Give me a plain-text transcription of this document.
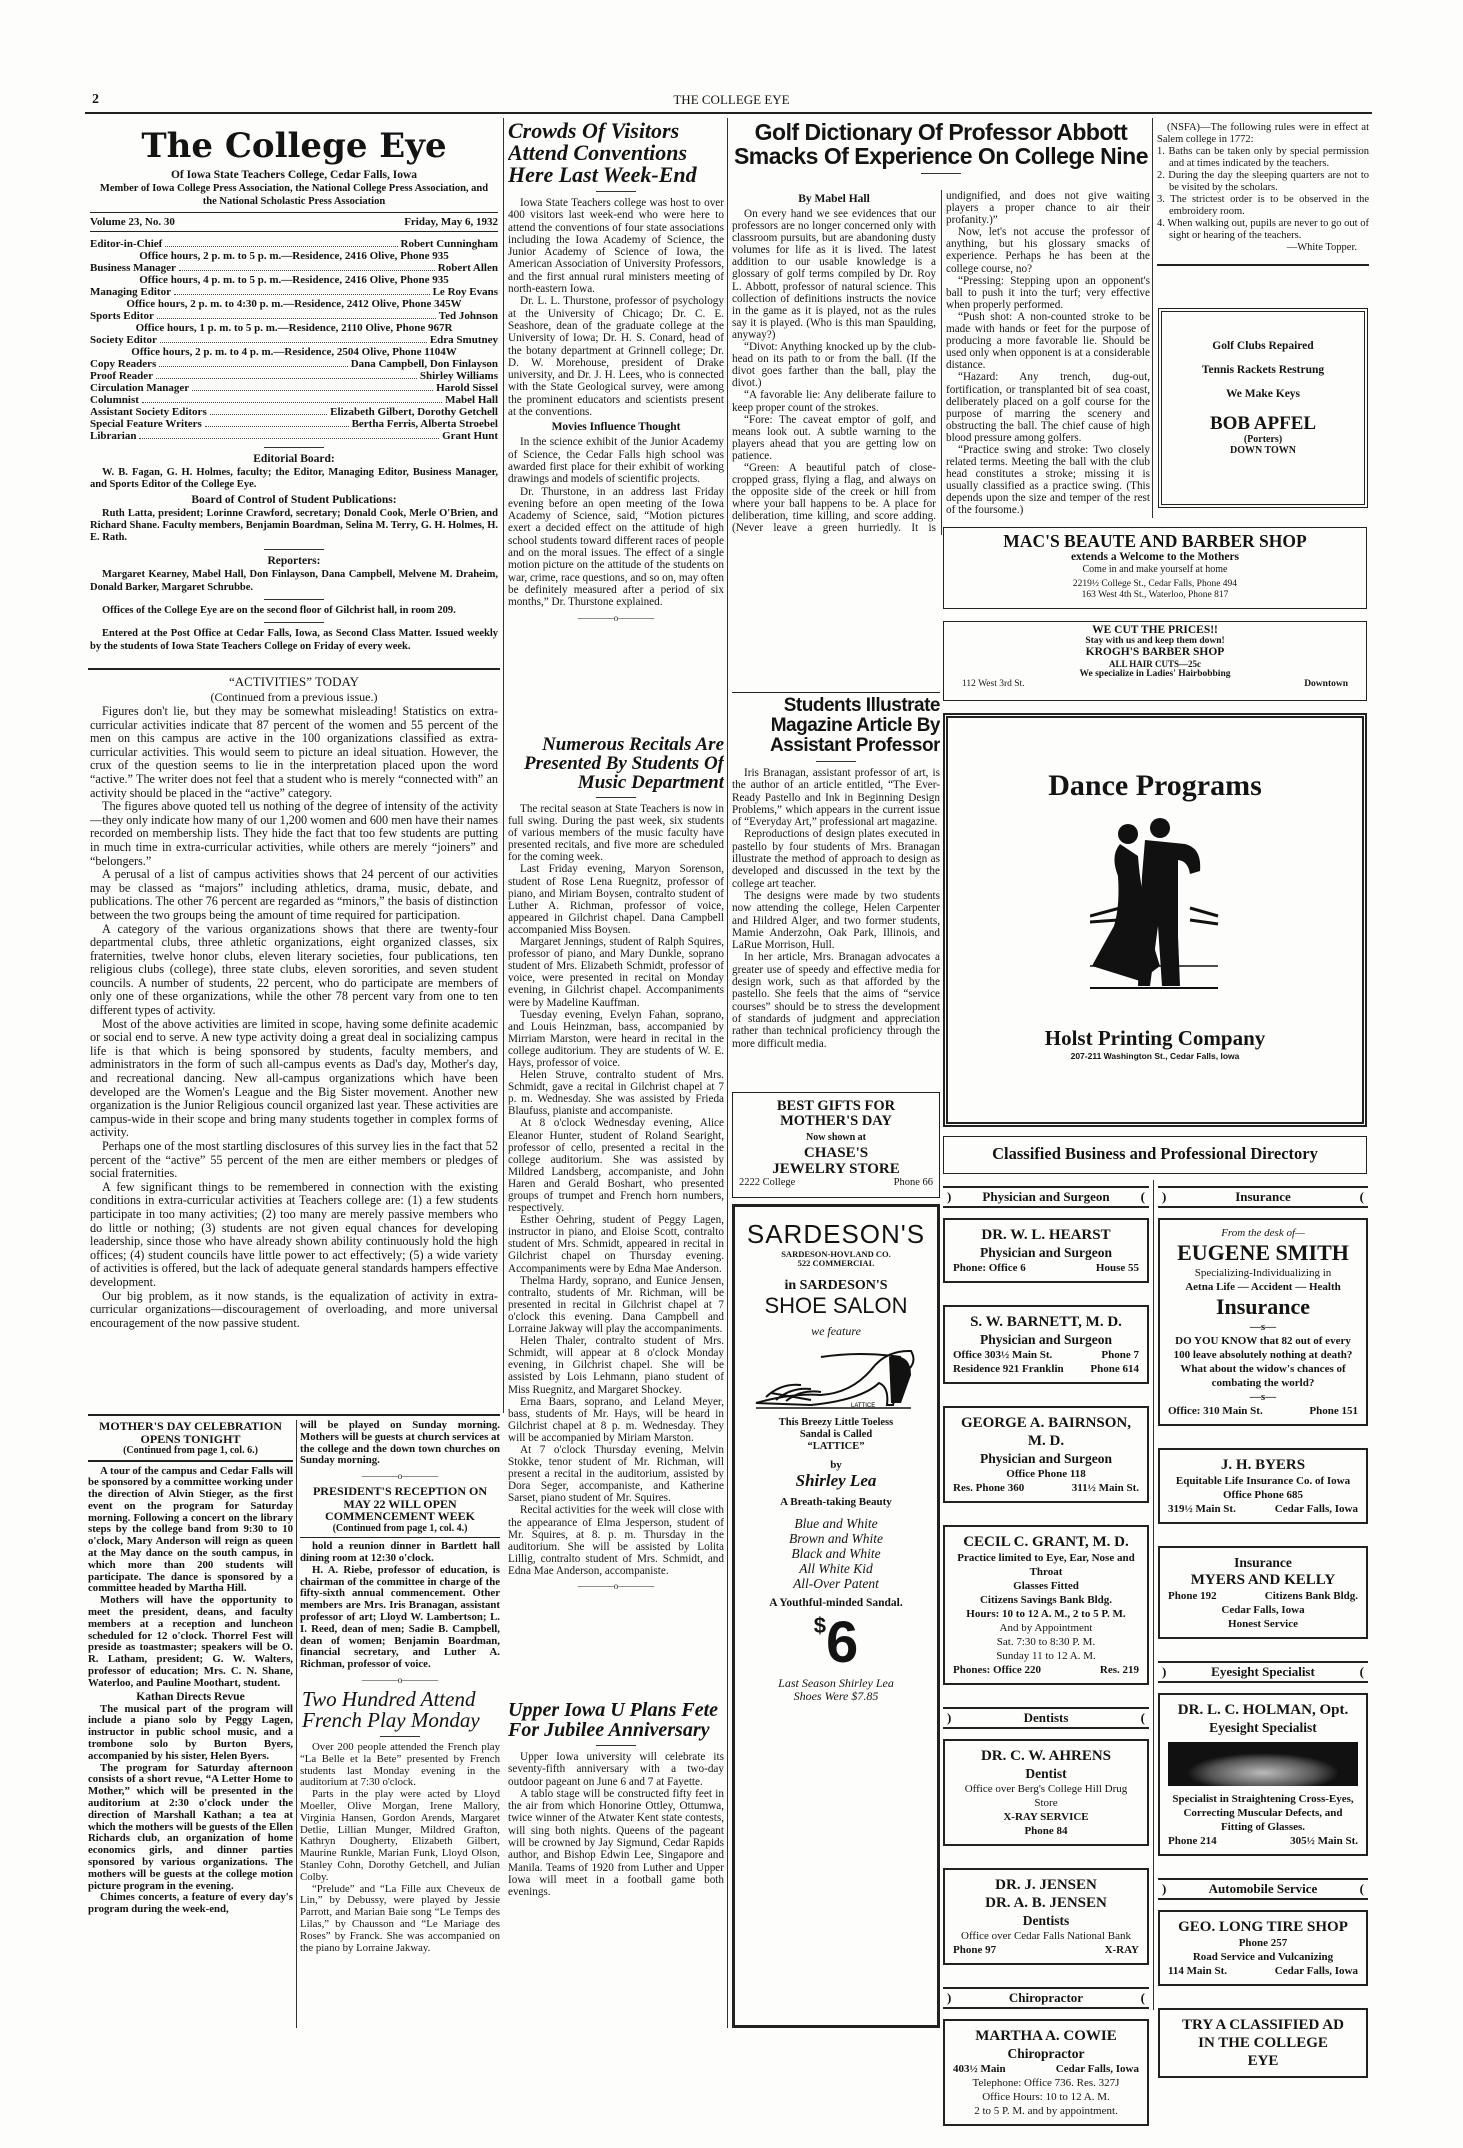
2	THE COLLEGE EYE
The College Eye
Of Iowa State Teachers College, Cedar Falls, Iowa
Member of Iowa College Press Association, the National College Press Association, and the National Scholastic Press Association
Volume 23, No. 30	Friday, May 6, 1932
Editor-in-Chief	Robert Cunningham
Office hours, 2 p. m. to 5 p. m.—Residence, 2416 Olive, Phone 935
Business Manager	Robert Allen
Office hours, 4 p. m. to 5 p. m.—Residence, 2416 Olive, Phone 935
Managing Editor	Le Roy Evans
Office hours, 2 p. m. to 4:30 p. m.—Residence, 2412 Olive, Phone 345W
Sports Editor	Ted Johnson
Office hours, 1 p. m. to 5 p. m.—Residence, 2110 Olive, Phone 967R
Society Editor	Edra Smutney
Office hours, 2 p. m. to 4 p. m.—Residence, 2504 Olive, Phone 1104W
Copy Readers	Dana Campbell, Don Finlayson
Proof Reader	Shirley Williams
Circulation Manager	Harold Sissel
Columnist	Mabel Hall
Assistant Society Editors	Elizabeth Gilbert, Dorothy Getchell
Special Feature Writers	Bertha Ferris, Alberta Stroebel
Librarian	Grant Hunt
Editorial Board:

W. B. Fagan, G. H. Holmes, faculty; the Editor, Managing Editor, Business Manager, and Sports Editor of the College Eye.

Board of Control of Student Publications:

Ruth Latta, president; Lorinne Crawford, secretary; Donald Cook, Merle O'Brien, and Richard Shane. Faculty members, Benjamin Boardman, Selina M. Terry, G. H. Holmes, H. E. Rath.

Reporters:

Margaret Kearney, Mabel Hall, Don Finlayson, Dana Campbell, Melvene M. Draheim, Donald Barker, Margaret Schrubbe.

Offices of the College Eye are on the second floor of Gilchrist hall, in room 209.

Entered at the Post Office at Cedar Falls, Iowa, as Second Class Matter. Issued weekly by the students of Iowa State Teachers College on Friday of every week.

“ACTIVITIES” TODAY
(Continued from a previous issue.)

Figures don't lie, but they may be somewhat misleading! Statistics on extra-curricular activities indicate that 87 percent of the women and 55 percent of the men on this campus are active in the 100 organizations classified as extra-curricular activities. This would seem to picture an ideal situation. However, the crux of the question seems to lie in the interpretation placed upon the word “active.” The writer does not feel that a student who is merely “connected with” an activity should be placed in the “active” category.

The figures above quoted tell us nothing of the degree of intensity of the activity—they only indicate how many of our 1,200 women and 600 men have their names recorded on membership lists. They hide the fact that too few students are putting in much time in extra-curricular activities, while others are merely “joiners” and “belongers.”

A perusal of a list of campus activities shows that 24 percent of our activities may be classed as “majors” including athletics, drama, music, debate, and publications. The other 76 percent are regarded as “minors,” the basis of distinction between the two groups being the amount of time required for participation.

A category of the various organizations shows that there are twenty-four departmental clubs, three athletic organizations, eight organized classes, six fraternities, twelve honor clubs, eleven literary societies, four publications, ten religious clubs (college), three state clubs, eleven sororities, and seven student councils. A number of students, 22 percent, who do participate are members of only one of these organizations, while the other 78 percent vary from one to ten different types of activity.

Most of the above activities are limited in scope, having some definite academic or social end to serve. A new type activity doing a great deal in socializing campus life is that which is being sponsored by students, faculty members, and administrators in the form of such all-campus events as Dad's day, Mother's day, and recreational dancing. New all-campus organizations which have been developed are the Women's League and the Big Sister movement. Another new organization is the Junior Religious council organized last year. These activities are campus-wide in their scope and bring many students together in complex forms of activity.

Perhaps one of the most startling disclosures of this survey lies in the fact that 52 percent of the “active” 55 percent of the men are either members or pledges of social fraternities.

A few significant things to be remembered in connection with the existing conditions in extra-curricular activities at Teachers college are: (1) a few students participate in too many activities; (2) too many are merely passive members who do little or nothing; (3) students are not given equal chances for developing leadership, since those who have already shown ability continuously hold the high offices; (4) student councils have little power to act effectively; (5) a wide variety of activities is offered, but the lack of adequate general standards hampers effective development.

Our big problem, as it now stands, is the equalization of activity in extra-curricular organizations—discouragement of overloading, and more universal encouragement of the now passive student.

MOTHER'S DAY CELEBRATION OPENS TONIGHT
(Continued from page 1, col. 6.)

A tour of the campus and Cedar Falls will be sponsored by a committee working under the direction of Alvin Stieger, as the first event on the program for Saturday morning. Following a concert on the library steps by the college band from 9:30 to 10 o'clock, Mary Anderson will reign as queen at the May dance on the south campus, in which more than 200 students will participate. The dance is sponsored by a committee headed by Martha Hill.

Mothers will have the opportunity to meet the president, deans, and faculty members at a reception and luncheon scheduled for 12 o'clock. Thorrel Fest will preside as toastmaster; speakers will be O. R. Latham, president; G. W. Walters, professor of education; Mrs. C. N. Shane, Waterloo, and Pauline Moothart, student.

Kathan Directs Revue

The musical part of the program will include a piano solo by Peggy Lagen, instructor in public school music, and a trombone solo by Burton Byers, accompanied by his sister, Helen Byers.

The program for Saturday afternoon consists of a short revue, “A Letter Home to Mother,” which will be presented in the auditorium at 2:30 o'clock under the direction of Marshall Kathan; a tea at which the mothers will be guests of the Ellen Richards club, an organization of home economics girls, and dinner parties sponsored by various organizations. The mothers will be guests at the college motion picture program in the evening.

Chimes concerts, a feature of every day's program during the week-end,

will be played on Sunday morning. Mothers will be guests at church services at the college and the down town churches on Sunday morning.

————o————
PRESIDENT'S RECEPTION ON MAY 22 WILL OPEN COMMENCEMENT WEEK
(Continued from page 1, col. 4.)

hold a reunion dinner in Bartlett hall dining room at 12:30 o'clock.

H. A. Riebe, professor of education, is chairman of the committee in charge of the fifty-sixth annual commencement. Other members are Mrs. Iris Branagan, assistant professor of art; Lloyd W. Lambertson; L. I. Reed, dean of men; Sadie B. Campbell, dean of women; Benjamin Boardman, financial secretary, and Luther A. Richman, professor of voice.

————o————
Two Hundred Attend French Play Monday

Over 200 people attended the French play “La Belle et la Bete” presented by French students last Monday evening in the auditorium at 7:30 o'clock.

Parts in the play were acted by Lloyd Moeller, Olive Morgan, Irene Mallory, Virginia Hansen, Gordon Arends, Margaret Detlie, Lillian Munger, Mildred Grafton, Kathryn Dougherty, Elizabeth Gilbert, Maurine Runkle, Marian Funk, Lloyd Olson, Stanley Cohn, Dorothy Getchell, and Julian Colby.

“Prelude” and “La Fille aux Cheveux de Lin,” by Debussy, were played by Jessie Parrott, and Marian Baie song “Le Temps des Lilas,” by Chausson and “Le Mariage des Roses” by Franck. She was accompanied on the piano by Lorraine Jakway.

Crowds Of Visitors Attend Conventions Here Last Week-End

Iowa State Teachers college was host to over 400 visitors last week-end who were here to attend the conventions of four state associations including the Iowa Academy of Science, the Junior Academy of Science of Iowa, the American Association of University Professors, and the first annual rural ministers meeting of north-eastern Iowa.

Dr. L. L. Thurstone, professor of psychology at the University of Chicago; Dr. C. E. Seashore, dean of the graduate college at the University of Iowa; Dr. H. S. Conard, head of the botany department at Grinnell college; Dr. D. W. Morehouse, president of Drake university, and Dr. J. H. Lees, who is connected with the State Geological survey, were among the prominent educators and scientists present at the conventions.

Movies Influence Thought

In the science exhibit of the Junior Academy of Science, the Cedar Falls high school was awarded first place for their exhibit of working drawings and models of scientific projects.

Dr. Thurstone, in an address last Friday evening before an open meeting of the Iowa Academy of Science, said, “Motion pictures exert a decided effect on the attitude of high school students toward different races of people and on the moral issues. The effect of a single motion picture on the attitude of the students on war, crime, race questions, and so on, may often be definitely measured after a period of six months,” Dr. Thurstone explained.

————o————
Numerous Recitals Are Presented By Students Of Music Department

The recital season at State Teachers is now in full swing. During the past week, six students of various members of the music faculty have presented recitals, and five more are scheduled for the coming week.

Last Friday evening, Maryon Sorenson, student of Rose Lena Ruegnitz, professor of piano, and Miriam Boysen, contralto student of Luther A. Richman, professor of voice, appeared in Gilchrist chapel. Dana Campbell accompanied Miss Boysen.

Margaret Jennings, student of Ralph Squires, professor of piano, and Mary Dunkle, soprano student of Mrs. Elizabeth Schmidt, professor of voice, were presented in recital on Monday evening, in Gilchrist chapel. Accompaniments were by Madeline Kauffman.

Tuesday evening, Evelyn Fahan, soprano, and Louis Heinzman, bass, accompanied by Mirriam Marston, were heard in recital in the college auditorium. They are students of W. E. Hays, professor of voice.

Helen Struve, contralto student of Mrs. Schmidt, gave a recital in Gilchrist chapel at 7 p. m. Wednesday. She was assisted by Frieda Blaufuss, pianiste and accompaniste.

At 8 o'clock Wednesday evening, Alice Eleanor Hunter, student of Roland Searight, professor of cello, presented a recital in the college auditorium. She was assisted by Mildred Landsberg, accompaniste, and John Haren and Gerald Boshart, who presented groups of trumpet and French horn numbers, respectively.

Esther Oehring, student of Peggy Lagen, instructor in piano, and Eloise Scott, contralto student of Mrs. Schmidt, appeared in recital in Gilchrist chapel on Thursday evening. Accompaniments were by Edna Mae Anderson.

Thelma Hardy, soprano, and Eunice Jensen, contralto, students of Mr. Richman, will be presented in recital in Gilchrist chapel at 7 o'clock this evening. Dana Campbell and Lorraine Jakway will play the accompaniments.

Helen Thaler, contralto student of Mrs. Schmidt, will appear at 8 o'clock Monday evening, in Gilchrist chapel. She will be assisted by Lois Lehmann, piano student of Miss Ruegnitz, and Margaret Shockey.

Erna Baars, soprano, and Leland Meyer, bass, students of Mr. Hays, will be heard in Gilchrist chapel at 8 p. m. Wednesday. They will be accompanied by Miriam Marston.

At 7 o'clock Thursday evening, Melvin Stokke, tenor student of Mr. Richman, will present a recital in the auditorium, assisted by Dora Seger, accompaniste, and Katherine Sarset, piano student of Mr. Squires.

Recital activities for the week will close with the appearance of Elma Jesperson, student of Mr. Squires, at 8. p. m. Thursday in the auditorium. She will be assisted by Lolita Lillig, contralto student of Mrs. Schmidt, and Edna Mae Anderson, accompaniste.

————o————
Upper Iowa U Plans Fete For Jubilee Anniversary

Upper Iowa university will celebrate its seventy-fifth anniversary with a two-day outdoor pageant on June 6 and 7 at Fayette.

A tablo stage will be constructed fifty feet in the air from which Honorine Ottley, Ottumwa, twice winner of the Atwater Kent state contests, will sing both nights. Queens of the pageant will be crowned by Jay Sigmund, Cedar Rapids author, and Bishop Edwin Lee, Singapore and Manila. Teams of 1920 from Luther and Upper Iowa will meet in a football game both evenings.

Golf Dictionary Of Professor Abbott Smacks Of Experience On College Nine
By Mabel Hall

On every hand we see evidences that our professors are no longer concerned only with classroom pursuits, but are abandoning dusty volumes for life as it is lived. The latest addition to our usable knowledge is a glossary of golf terms compiled by Dr. Roy L. Abbott, professor of natural science. This collection of definitions instructs the novice in the game as it is played, not as the rules say it is played. (Who is this man Spaulding, anyway?)

“Divot: Anything knocked up by the club-head on its path to or from the ball. (If the divot goes farther than the ball, play the divot.)

“A favorable lie: Any deliberate failure to keep proper count of the strokes.

“Fore: The caveat emptor of golf, and means look out. A subtle warning to the players ahead that you are getting low on patience.

“Green: A beautiful patch of close-cropped grass, flying a flag, and always on the opposite side of the creek or hill from where your ball happens to be. A place for deliberation, time killing, and score adding. (Never leave a green hurriedly. It is undignified, and does not give waiting players a proper chance to air their profanity.)”

Now, let's not accuse the professor of anything, but his glossary smacks of experience. Perhaps he has been at the college course, no?

“Pressing: Stepping upon an opponent's ball to push it into the turf; very effective when properly performed.

“Push shot: A non-counted stroke to be made with hands or feet for the purpose of producing a more favorable lie. Should be used only when opponent is at a considerable distance.

“Hazard: Any trench, dug-out, fortification, or transplanted bit of sea coast, deliberately placed on a golf course for the purpose of marring the scenery and obstructing the ball. The chief cause of high blood pressure among golfers.

“Practice swing and stroke: Two closely related terms. Meeting the ball with the club head constitutes a stroke; missing it is usually classified as a practice swing. (This depends upon the size and temper of the rest of the foursome.)

Students Illustrate Magazine Article By Assistant Professor

Iris Branagan, assistant professor of art, is the author of an article entitled, “The Ever-Ready Pastello and Ink in Beginning Design Problems,” which appears in the current issue of “Everyday Art,” professional art magazine.

Reproductions of design plates executed in pastello by four students of Mrs. Branagan illustrate the method of approach to design as developed and discussed in the text by the college art teacher.

The designs were made by two students now attending the college, Helen Carpenter and Hildred Alger, and two former students, Mamie Anderzohn, Oak Park, Illinois, and LaRue Morrison, Hull.

In her article, Mrs. Branagan advocates a greater use of speedy and effective media for design work, such as that afforded by the pastello. She feels that the aims of “service courses” should be to stress the development of standards of judgment and appreciation rather than technical proficiency through the more difficult media.

BEST GIFTS FOR
MOTHER'S DAY
Now shown at
CHASE'S
JEWELRY STORE
2222 College	Phone 66
SARDESON'S
SARDESON-HOVLAND CO.
522 COMMERCIAL
in SARDESON'S
SHOE SALON
we feature
LATTICE
This Breezy Little Toeless
Sandal is Called
“LATTICE”
by
Shirley Lea
A Breath-taking Beauty
Blue and White
Brown and White
Black and White
All White Kid
All-Over Patent
A Youthful-minded Sandal.
$6
Last Season Shirley Lea
Shoes Were $7.85
(NSFA)—The following rules were in effect at Salem college in 1772:
1. Baths can be taken only by special permission and at times indicated by the teachers.
2. During the day the sleeping quarters are not to be visited by the scholars.
3. The strictest order is to be observed in the embroidery room.
4. When walking out, pupils are never to go out of sight or hearing of the teachers.
—White Topper.
Golf Clubs Repaired
Tennis Rackets Restrung
We Make Keys
BOB APFEL
(Porters)
DOWN TOWN
MAC'S BEAUTE AND BARBER SHOP
extends a Welcome to the Mothers
Come in and make yourself at home
2219½ College St., Cedar Falls, Phone 494
163 West 4th St., Waterloo, Phone 817
WE CUT THE PRICES!!
Stay with us and keep them down!
KROGH'S BARBER SHOP
ALL HAIR CUTS—25c
We specialize in Ladies' Hairbobbing
112 West 3rd St.	Downtown
Dance Programs
Holst Printing Company
207-211 Washington St., Cedar Falls, Iowa
Classified Business and Professional Directory
) Physician and Surgeon (
DR. W. L. HEARST
Physician and Surgeon
Phone: Office 6	House 55
S. W. BARNETT, M. D.
Physician and Surgeon
Office 303½ Main St.	Phone 7
Residence 921 Franklin Phone 614
GEORGE A. BAIRNSON, M. D.
Physician and Surgeon
Office Phone 118
Res. Phone 360	311½ Main St.
CECIL C. GRANT, M. D.
Practice limited to Eye, Ear, Nose and Throat
Glasses Fitted
Citizens Savings Bank Bldg.
Hours: 10 to 12 A. M., 2 to 5 P. M.
And by Appointment
Sat. 7:30 to 8:30 P. M.
Sunday 11 to 12 A. M.
Phones: Office 220	Res. 219
)	Dentists	(
DR. C. W. AHRENS
Dentist
Office over Berg's College Hill Drug Store
X-RAY SERVICE
Phone 84
DR. J. JENSEN
DR. A. B. JENSEN
Dentists
Office over Cedar Falls National Bank
Phone 97	X-RAY
)	Chiropractor	(
MARTHA A. COWIE
Chiropractor
403½ Main	Cedar Falls, Iowa
Telephone: Office 736. Res. 327J
Office Hours: 10 to 12 A. M.
2 to 5 P. M. and by appointment.
)	Insurance	(
From the desk of—
EUGENE SMITH
Specializing-Individualizing in
Aetna Life — Accident — Health
Insurance
—s—
DO YOU KNOW that 82 out of every 100 leave absolutely nothing at death? What about the widow's chances of combating the world?
—s—
Office: 310 Main St.	Phone 151
J. H. BYERS
Equitable Life Insurance Co. of Iowa
Office Phone 685
319½ Main St.	Cedar Falls, Iowa
Insurance
MYERS AND KELLY
Phone 192	Citizens Bank Bldg.
Cedar Falls, Iowa
Honest Service
)	Eyesight Specialist	(
DR. L. C. HOLMAN, Opt.
Eyesight Specialist
Specialist in Straightening Cross-Eyes, Correcting Muscular Defects, and Fitting of Glasses.
Phone 214	305½ Main St.
)	Automobile Service	(
GEO. LONG TIRE SHOP
Phone 257
Road Service and Vulcanizing
114 Main St.	Cedar Falls, Iowa
TRY A CLASSIFIED AD
IN THE COLLEGE
EYE
